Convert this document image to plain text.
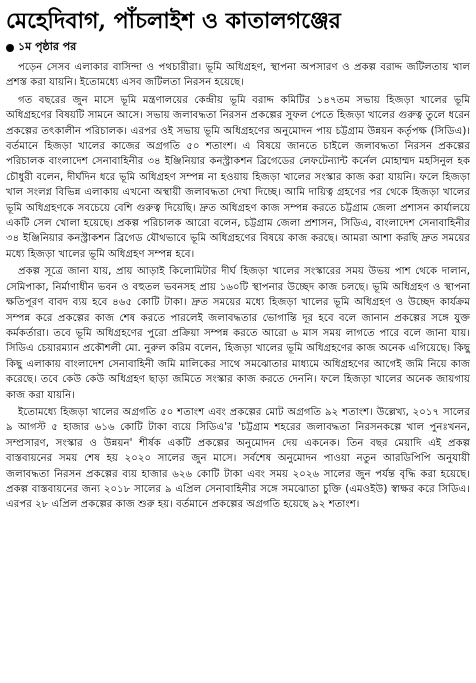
মেহেদিবাগ, পাঁচলাইশ ও কাতালগঞ্জের
১ম পৃষ্ঠার পর

পড়েন সেসব এলাকার বাসিন্দা ও পথচারীরা। ভূমি অধিগ্রহণ, স্থাপনা অপসারণ ও প্রকল্প বরাদ্দ জটিলতায় খাল প্রশস্ত করা যায়নি। ইতোমধ্যে এসব জটিলতা নিরসন হয়েছে।

গত বছরের জুন মাসে ভূমি মন্ত্রণালয়ের কেন্দ্রীয় ভূমি বরাদ্দ কমিটির ১৪৭তম সভায় হিজড়া খালের ভূমি অধিগ্রহণের বিষয়টি সামনে আসে। সভায় জলাবদ্ধতা নিরসন প্রকল্পের সুফল পেতে হিজড়া খালের গুরুত্ব তুলে ধরেন প্রকল্পের তৎকালীন পরিচালক। এরপর ওই সভায় ভূমি অধিগ্রহণের অনুমোদন পায় চট্টগ্রাম উন্নয়ন কর্তৃপক্ষ (সিডিএ)। বর্তমানে হিজড়া খালের কাজের অগ্রগতি ৫০ শতাংশ। এ বিষয়ে জানতে চাইলে জলাবদ্ধতা নিরসন প্রকল্পের পরিচালক বাংলাদেশ সেনাবাহিনীর ৩৪ ইঞ্জিনিয়ার কনস্ট্রাকশন ব্রিগেডের লেফটেন্যান্ট কর্নেল মোহাম্মদ মহসিনুল হক চৌধুরী বলেন, দীর্ঘদিন ধরে ভূমি অধিগ্রহণ সম্পন্ন না হওয়ায় হিজড়া খালের সংস্কার কাজ করা যায়নি। ফলে হিজড়া খাল সংলগ্ন বিভিন্ন এলাকায় এখনো অস্থায়ী জলাবদ্ধতা দেখা দিচ্ছে। আমি দায়িত্ব গ্রহণের পর থেকে হিজড়া খালের ভূমি অধিগ্রহণকে সবচেয়ে বেশি গুরুত্ব দিয়েছি। দ্রুত অধিগ্রহণ কাজ সম্পন্ন করতে চট্টগ্রাম জেলা প্রশাসন কার্যালয়ে একটি সেল খোলা হয়েছে। প্রকল্প পরিচালক আরো বলেন, চট্টগ্রাম জেলা প্রশাসন, সিডিএ, বাংলাদেশ সেনাবাহিনীর ৩৪ ইঞ্জিনিয়ার কনস্ট্রাকশন ব্রিগেড যৌথভাবে ভূমি অধিগ্রহণের বিষয়ে কাজ করছে। আমরা আশা করছি দ্রুত সময়ের মধ্যে হিজড়া খালের ভূমি অধিগ্রহণ সম্পন্ন হবে।

প্রকল্প সূত্রে জানা যায়, প্রায় আড়াই কিলোমিটার দীর্ঘ হিজড়া খালের সংস্কারের সময় উভয় পাশ থেকে দালান, সেমিপাকা, নির্মাণাধীন ভবন ও বহুতল ভবনসহ প্রায় ১৬০টি স্থাপনার উচ্ছেদ কাজ চলছে। ভূমি অধিগ্রহণ ও স্থাপনা ক্ষতিপূরণ বাবদ ব্যয় হবে ৪৬৫ কোটি টাকা। দ্রুত সময়ের মধ্যে হিজড়া খালের ভূমি অধিগ্রহণ ও উচ্ছেদ কার্যক্রম সম্পন্ন করে প্রকল্পের কাজ শেষ করতে পারলেই জলাবদ্ধতার ভোগান্তি দূর হবে বলে জানান প্রকল্পের সঙ্গে যুক্ত কর্মকর্তারা। তবে ভূমি অধিগ্রহণের পুরো প্রক্রিয়া সম্পন্ন করতে আরো ৬ মাস সময় লাগতে পারে বলে জানা যায়। সিডিএ চেয়ারম্যান প্রকৌশলী মো. নুরুল করিম বলেন, হিজড়া খালের ভূমি অধিগ্রহণের কাজ অনেক এগিয়েছে। কিছু কিছু এলাকায় বাংলাদেশ সেনাবাহিনী জমি মালিকের সাথে সমঝোতার মাধ্যমে অধিগ্রহণের আগেই জমি নিয়ে কাজ করেছে। তবে কেউ কেউ অধিগ্রহণ ছাড়া জমিতে সংস্কার কাজ করতে দেননি। ফলে হিজড়া খালের অনেক জায়গায় কাজ করা যায়নি।

ইতোমধ্যে হিজড়া খালের অগ্রগতি ৫০ শতাংশ এবং প্রকল্পের মোট অগ্রগতি ৯২ শতাংশ। উল্লেখ্য, ২০১৭ সালের ৯ আগস্ট ৫ হাজার ৬১৬ কোটি টাকা ব্যয়ে সিডিএ'র 'চট্টগ্রাম শহরের জলাবদ্ধতা নিরসনকল্পে খাল পুনঃখনন, সম্প্রসারণ, সংস্কার ও উন্নয়ন' শীর্ষক একটি প্রকল্পের অনুমোদন দেয় একনেক। তিন বছর মেয়াদি এই প্রকল্প বাস্তবায়নের সময় শেষ হয় ২০২০ সালের জুন মাসে। সর্বশেষ অনুমোদন পাওয়া নতুন আরডিপিপি অনুযায়ী জলাবদ্ধতা নিরসন প্রকল্পের ব্যয় হাজার ৬২৬ কোটি টাকা এবং সময় ২০২৬ সালের জুন পর্যন্ত বৃদ্ধি করা হয়েছে। প্রকল্প বাস্তবায়নের জন্য ২০১৮ সালের ৯ এপ্রিল সেনাবাহিনীর সঙ্গে সমঝোতা চুক্তি (এমওইউ) স্বাক্ষর করে সিডিএ। এরপর ২৮ এপ্রিল প্রকল্পের কাজ শুরু হয়। বর্তমানে প্রকল্পের অগ্রগতি হয়েছে ৯২ শতাংশ।
